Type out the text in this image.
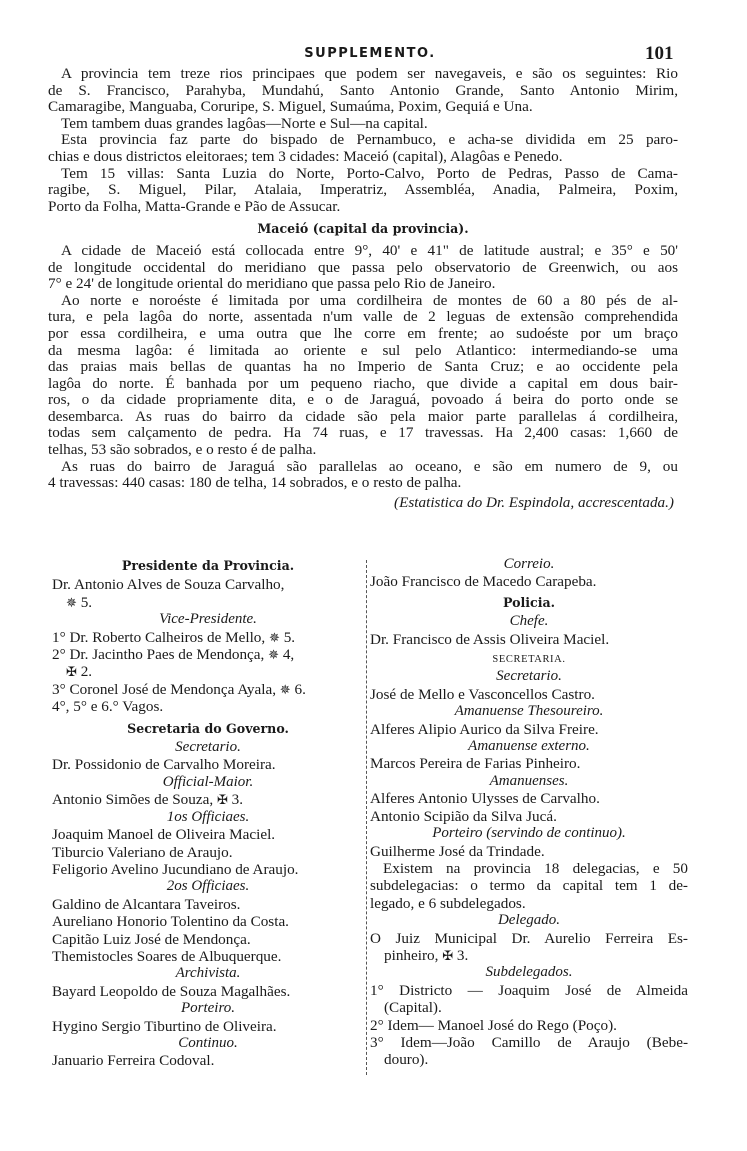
SUPPLEMENTO.	101
A provincia tem treze rios principaes que podem ser navegaveis, e são os seguintes: Rio
de S. Francisco, Parahyba, Mundahú, Santo Antonio Grande, Santo Antonio Mirim,
Camaragibe, Manguaba, Coruripe, S. Miguel, Sumaúma, Poxim, Gequiá e Una.
Tem tambem duas grandes lagôas—Norte e Sul—na capital.
Esta provincia faz parte do bispado de Pernambuco, e acha-se dividida em 25 paro-
chias e dous districtos eleitoraes; tem 3 cidades: Maceió (capital), Alagôas e Penedo.
Tem 15 villas: Santa Luzia do Norte, Porto-Calvo, Porto de Pedras, Passo de Cama-
ragibe, S. Miguel, Pilar, Atalaia, Imperatriz, Assembléa, Anadia, Palmeira, Poxim,
Porto da Folha, Matta-Grande e Pão de Assucar.
Maceió (capital da provincia).
A cidade de Maceió está collocada entre 9°, 40' e 41" de latitude austral; e 35° e 50'
de longitude occidental do meridiano que passa pelo observatorio de Greenwich, ou aos
7° e 24' de longitude oriental do meridiano que passa pelo Rio de Janeiro.
Ao norte e noroéste é limitada por uma cordilheira de montes de 60 a 80 pés de al-
tura, e pela lagôa do norte, assentada n'um valle de 2 leguas de extensão comprehendida
por essa cordilheira, e uma outra que lhe corre em frente; ao sudoéste por um braço
da mesma lagôa: é limitada ao oriente e sul pelo Atlantico: intermediando-se uma
das praias mais bellas de quantas ha no Imperio de Santa Cruz; e ao occidente pela
lagôa do norte. É banhada por um pequeno riacho, que divide a capital em dous bair-
ros, o da cidade propriamente dita, e o de Jaraguá, povoado á beira do porto onde se
desembarca. As ruas do bairro da cidade são pela maior parte parallelas á cordilheira,
todas sem calçamento de pedra. Ha 74 ruas, e 17 travessas. Ha 2,400 casas: 1,660 de
telhas, 53 são sobrados, e o resto é de palha.
As ruas do bairro de Jaraguá são parallelas ao oceano, e são em numero de 9, ou
4 travessas: 440 casas: 180 de telha, 14 sobrados, e o resto de palha.
(Estatistica do Dr. Espindola, accrescentada.)
Presidente da Provincia.
Dr. Antonio Alves de Souza Carvalho,
✵ 5.
Vice-Presidente.
1° Dr. Roberto Calheiros de Mello, ✵ 5.
2° Dr. Jacintho Paes de Mendonça, ✵ 4,
✠ 2.
3° Coronel José de Mendonça Ayala, ✵ 6.
4°, 5° e 6.° Vagos.
Secretaria do Governo.
Secretario.
Dr. Possidonio de Carvalho Moreira.
Official-Maior.
Antonio Simões de Souza, ✠ 3.
1os Officiaes.
Joaquim Manoel de Oliveira Maciel.
Tiburcio Valeriano de Araujo.
Feligorio Avelino Jucundiano de Araujo.
2os Officiaes.
Galdino de Alcantara Taveiros.
Aureliano Honorio Tolentino da Costa.
Capitão Luiz José de Mendonça.
Themistocles Soares de Albuquerque.
Archivista.
Bayard Leopoldo de Souza Magalhães.
Porteiro.
Hygino Sergio Tiburtino de Oliveira.
Continuo.
Januario Ferreira Codoval.
Correio.
João Francisco de Macedo Carapeba.
Policia.
Chefe.
Dr. Francisco de Assis Oliveira Maciel.
SECRETARIA.
Secretario.
José de Mello e Vasconcellos Castro.
Amanuense Thesoureiro.
Alferes Alipio Aurico da Silva Freire.
Amanuense externo.
Marcos Pereira de Farias Pinheiro.
Amanuenses.
Alferes Antonio Ulysses de Carvalho.
Antonio Scipião da Silva Jucá.
Porteiro (servindo de continuo).
Guilherme José da Trindade.
Existem na provincia 18 delegacias, e 50
subdelegacias: o termo da capital tem 1 de-
legado, e 6 subdelegados.
Delegado.
O Juiz Municipal Dr. Aurelio Ferreira Es-
pinheiro, ✠ 3.
Subdelegados.
1° Districto — Joaquim José de Almeida
(Capital).
2° Idem— Manoel José do Rego (Poço).
3° Idem—João Camillo de Araujo (Bebe-
douro).
